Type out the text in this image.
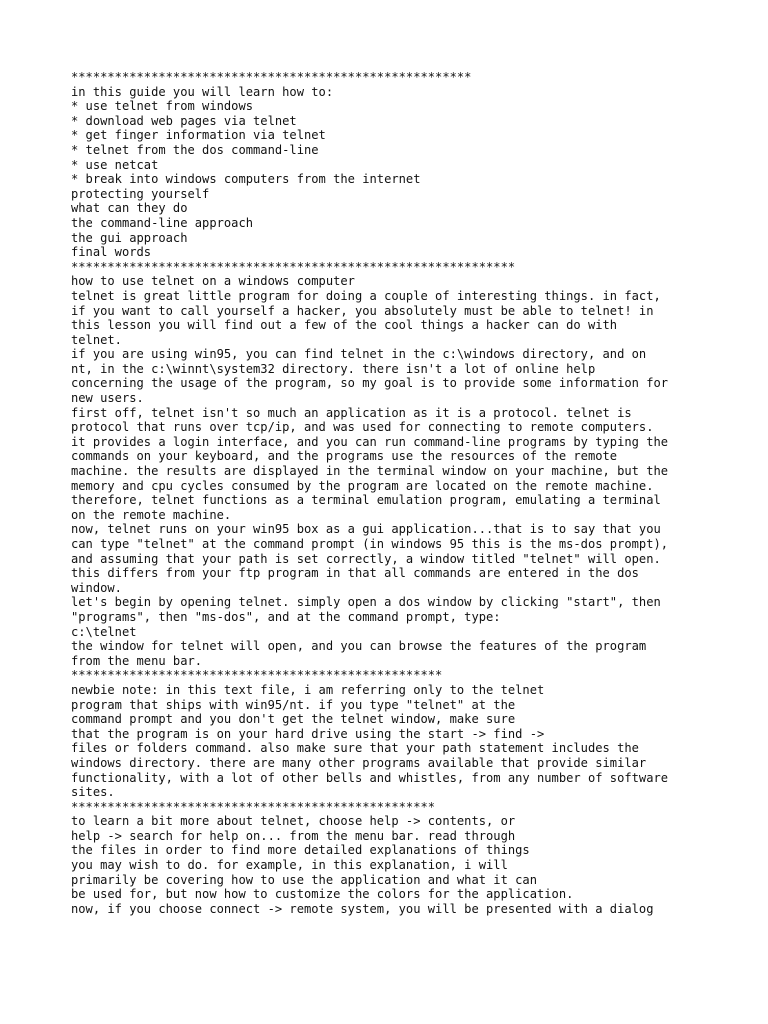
*******************************************************
in this guide you will learn how to:
* use telnet from windows
* download web pages via telnet
* get finger information via telnet
* telnet from the dos command-line
* use netcat
* break into windows computers from the internet
protecting yourself
what can they do
the command-line approach
the gui approach
final words
*************************************************************
how to use telnet on a windows computer
telnet is great little program for doing a couple of interesting things. in fact,
if you want to call yourself a hacker, you absolutely must be able to telnet! in
this lesson you will find out a few of the cool things a hacker can do with
telnet.
if you are using win95, you can find telnet in the c:\windows directory, and on
nt, in the c:\winnt\system32 directory. there isn't a lot of online help
concerning the usage of the program, so my goal is to provide some information for
new users.
first off, telnet isn't so much an application as it is a protocol. telnet is
protocol that runs over tcp/ip, and was used for connecting to remote computers.
it provides a login interface, and you can run command-line programs by typing the
commands on your keyboard, and the programs use the resources of the remote
machine. the results are displayed in the terminal window on your machine, but the
memory and cpu cycles consumed by the program are located on the remote machine.
therefore, telnet functions as a terminal emulation program, emulating a terminal
on the remote machine.
now, telnet runs on your win95 box as a gui application...that is to say that you
can type "telnet" at the command prompt (in windows 95 this is the ms-dos prompt),
and assuming that your path is set correctly, a window titled "telnet" will open.
this differs from your ftp program in that all commands are entered in the dos
window.
let's begin by opening telnet. simply open a dos window by clicking "start", then
"programs", then "ms-dos", and at the command prompt, type:
c:\telnet
the window for telnet will open, and you can browse the features of the program
from the menu bar.
***************************************************
newbie note: in this text file, i am referring only to the telnet
program that ships with win95/nt. if you type "telnet" at the
command prompt and you don't get the telnet window, make sure
that the program is on your hard drive using the start -> find ->
files or folders command. also make sure that your path statement includes the
windows directory. there are many other programs available that provide similar
functionality, with a lot of other bells and whistles, from any number of software
sites.
**************************************************
to learn a bit more about telnet, choose help -> contents, or
help -> search for help on... from the menu bar. read through
the files in order to find more detailed explanations of things
you may wish to do. for example, in this explanation, i will
primarily be covering how to use the application and what it can
be used for, but now how to customize the colors for the application.
now, if you choose connect -> remote system, you will be presented with a dialog
